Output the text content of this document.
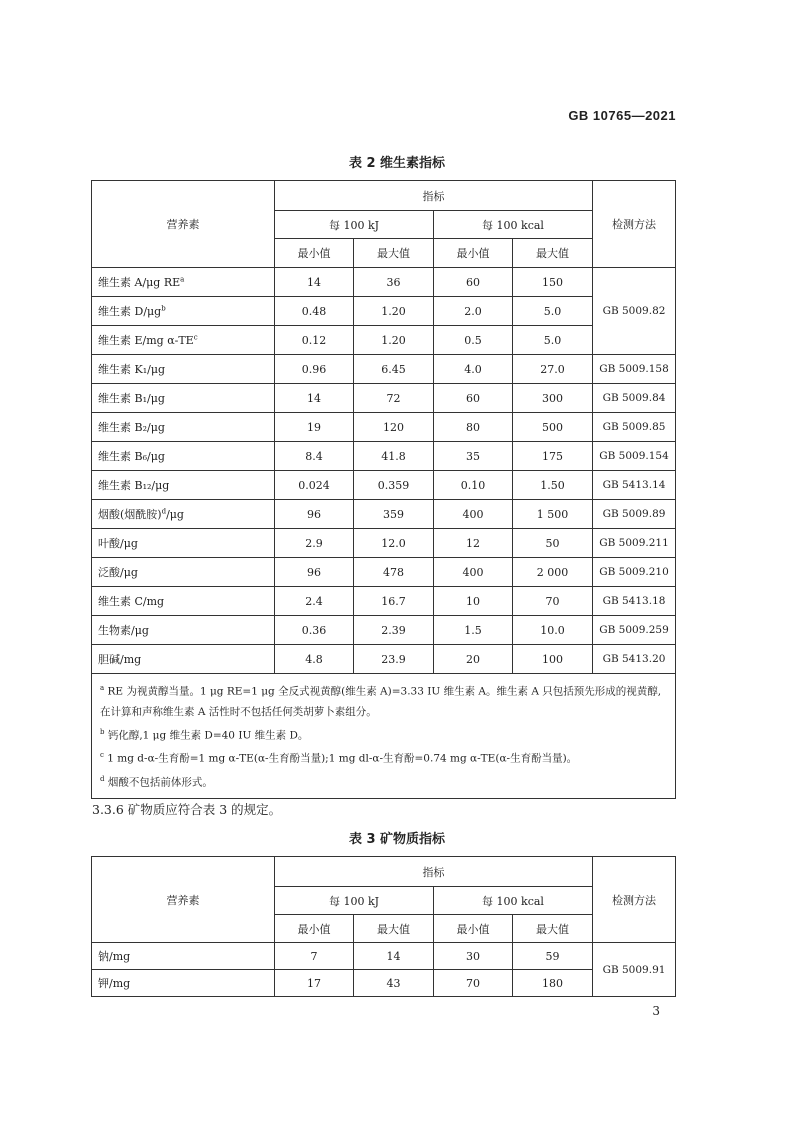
GB 10765—2021
表 2 维生素指标
营养素	指标				检测方法
	每 100 kJ		每 100 kcal		
	最小值	最大值	最小值	最大值	
维生素 A/μg $RE^a$	14	36	60	150	GB 5009.82
维生素 $D/\mu g^b$	0.48	1.20	2.0	5.0	
维生素 E/mg $\alpha-TE^c$	0.12	1.20	0.5	5.0	
维生素 K₁/μg	0.96	6.45	4.0	27.0	GB 5009.158
维生素 B₁/μg	14	72	60	300	GB 5009.84
维生素 B₂/μg	19	120	80	500	GB 5009.85
维生素 B₆/μg	8.4	41.8	35	175	GB 5009.154
维生素 B₁₂/μg	0.024	0.359	0.10	1.50	GB 5413.14
烟酸(烟酰胺)$^d$/μg	96	359	400	1 500	GB 5009.89
叶酸/μg	2.9	12.0	12	50	GB 5009.211
泛酸/μg	96	478	400	2 000	GB 5009.210
维生素 C/mg	2.4	16.7	10	70	GB 5413.18
生物素/μg	0.36	2.39	1.5	10.0	GB 5009.259
胆碱/mg	4.8	23.9	20	100	GB 5413.20

$^a$ RE 为视黄醇当量。1 μg RE=1 μg 全反式视黄醇(维生素 A)=3.33 IU 维生素 A。维生素 A 只包括预先形成的视黄醇,在计算和声称维生素 A 活性时不包括任何类胡萝卜素组分。
$^b$ 钙化醇,1 μg 维生素 D=40 IU 维生素 D。
$^c$ 1 mg d-α-生育酚=1 mg α-TE(α-生育酚当量);1 mg dl-α-生育酚=0.74 mg α-TE(α-生育酚当量)。
$^d$ 烟酸不包括前体形式。					
3.3.6 矿物质应符合表 3 的规定。
表 3 矿物质指标
营养素	指标				检测方法
	每 100 kJ		每 100 kcal		
	最小值	最大值	最小值	最大值	
钠/mg	7	14	30	59	GB 5009.91
钾/mg	17	43	70	180	
3
